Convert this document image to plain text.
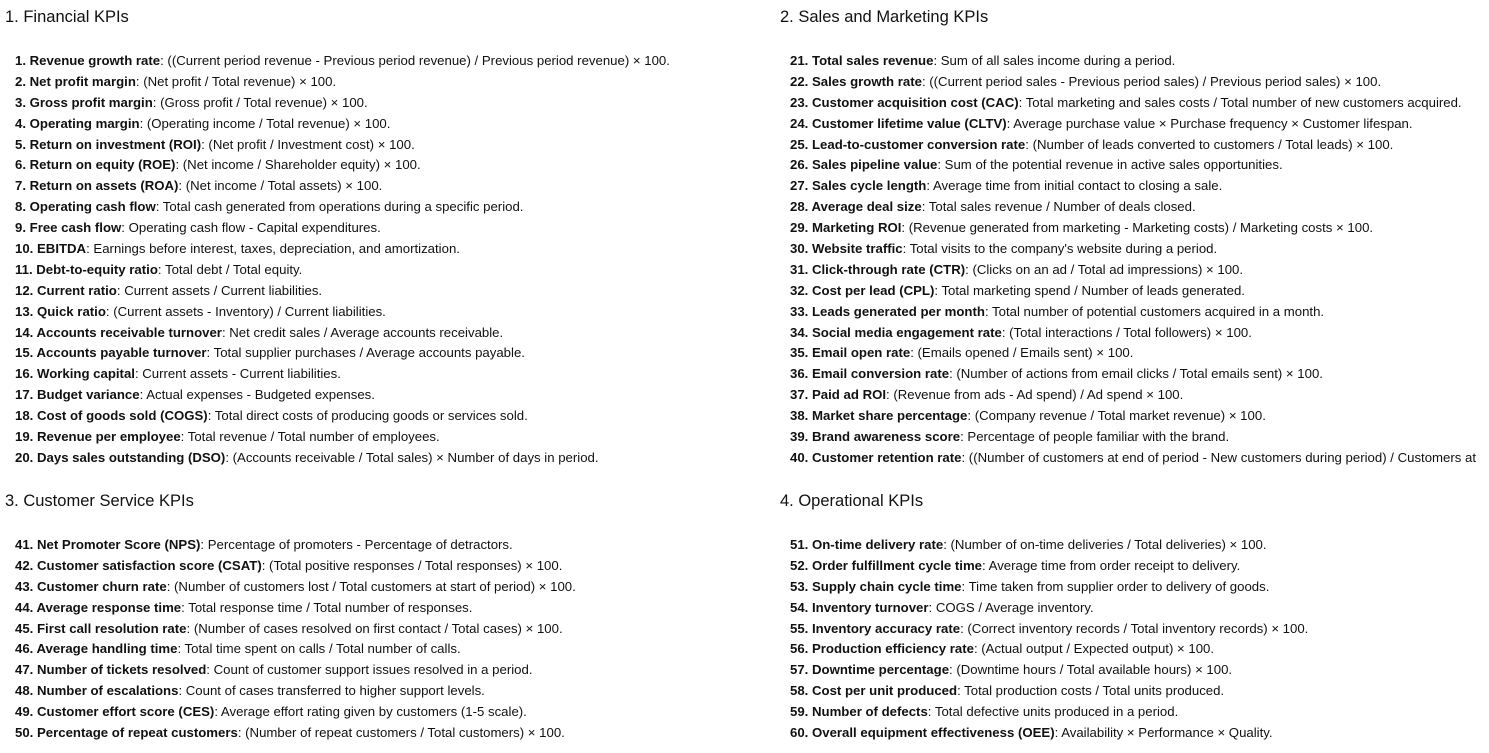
1. Financial KPIs
1. Revenue growth rate: ((Current period revenue - Previous period revenue) / Previous period revenue) × 100.
2. Net profit margin: (Net profit / Total revenue) × 100.
3. Gross profit margin: (Gross profit / Total revenue) × 100.
4. Operating margin: (Operating income / Total revenue) × 100.
5. Return on investment (ROI): (Net profit / Investment cost) × 100.
6. Return on equity (ROE): (Net income / Shareholder equity) × 100.
7. Return on assets (ROA): (Net income / Total assets) × 100.
8. Operating cash flow: Total cash generated from operations during a specific period.
9. Free cash flow: Operating cash flow - Capital expenditures.
10. EBITDA: Earnings before interest, taxes, depreciation, and amortization.
11. Debt-to-equity ratio: Total debt / Total equity.
12. Current ratio: Current assets / Current liabilities.
13. Quick ratio: (Current assets - Inventory) / Current liabilities.
14. Accounts receivable turnover: Net credit sales / Average accounts receivable.
15. Accounts payable turnover: Total supplier purchases / Average accounts payable.
16. Working capital: Current assets - Current liabilities.
17. Budget variance: Actual expenses - Budgeted expenses.
18. Cost of goods sold (COGS): Total direct costs of producing goods or services sold.
19. Revenue per employee: Total revenue / Total number of employees.
20. Days sales outstanding (DSO): (Accounts receivable / Total sales) × Number of days in period.
2. Sales and Marketing KPIs
21. Total sales revenue: Sum of all sales income during a period.
22. Sales growth rate: ((Current period sales - Previous period sales) / Previous period sales) × 100.
23. Customer acquisition cost (CAC): Total marketing and sales costs / Total number of new customers acquired.
24. Customer lifetime value (CLTV): Average purchase value × Purchase frequency × Customer lifespan.
25. Lead-to-customer conversion rate: (Number of leads converted to customers / Total leads) × 100.
26. Sales pipeline value: Sum of the potential revenue in active sales opportunities.
27. Sales cycle length: Average time from initial contact to closing a sale.
28. Average deal size: Total sales revenue / Number of deals closed.
29. Marketing ROI: (Revenue generated from marketing - Marketing costs) / Marketing costs × 100.
30. Website traffic: Total visits to the company's website during a period.
31. Click-through rate (CTR): (Clicks on an ad / Total ad impressions) × 100.
32. Cost per lead (CPL): Total marketing spend / Number of leads generated.
33. Leads generated per month: Total number of potential customers acquired in a month.
34. Social media engagement rate: (Total interactions / Total followers) × 100.
35. Email open rate: (Emails opened / Emails sent) × 100.
36. Email conversion rate: (Number of actions from email clicks / Total emails sent) × 100.
37. Paid ad ROI: (Revenue from ads - Ad spend) / Ad spend × 100.
38. Market share percentage: (Company revenue / Total market revenue) × 100.
39. Brand awareness score: Percentage of people familiar with the brand.
40. Customer retention rate: ((Number of customers at end of period - New customers during period) / Customers at
3. Customer Service KPIs
41. Net Promoter Score (NPS): Percentage of promoters - Percentage of detractors.
42. Customer satisfaction score (CSAT): (Total positive responses / Total responses) × 100.
43. Customer churn rate: (Number of customers lost / Total customers at start of period) × 100.
44. Average response time: Total response time / Total number of responses.
45. First call resolution rate: (Number of cases resolved on first contact / Total cases) × 100.
46. Average handling time: Total time spent on calls / Total number of calls.
47. Number of tickets resolved: Count of customer support issues resolved in a period.
48. Number of escalations: Count of cases transferred to higher support levels.
49. Customer effort score (CES): Average effort rating given by customers (1-5 scale).
50. Percentage of repeat customers: (Number of repeat customers / Total customers) × 100.
4. Operational KPIs
51. On-time delivery rate: (Number of on-time deliveries / Total deliveries) × 100.
52. Order fulfillment cycle time: Average time from order receipt to delivery.
53. Supply chain cycle time: Time taken from supplier order to delivery of goods.
54. Inventory turnover: COGS / Average inventory.
55. Inventory accuracy rate: (Correct inventory records / Total inventory records) × 100.
56. Production efficiency rate: (Actual output / Expected output) × 100.
57. Downtime percentage: (Downtime hours / Total available hours) × 100.
58. Cost per unit produced: Total production costs / Total units produced.
59. Number of defects: Total defective units produced in a period.
60. Overall equipment effectiveness (OEE): Availability × Performance × Quality.
